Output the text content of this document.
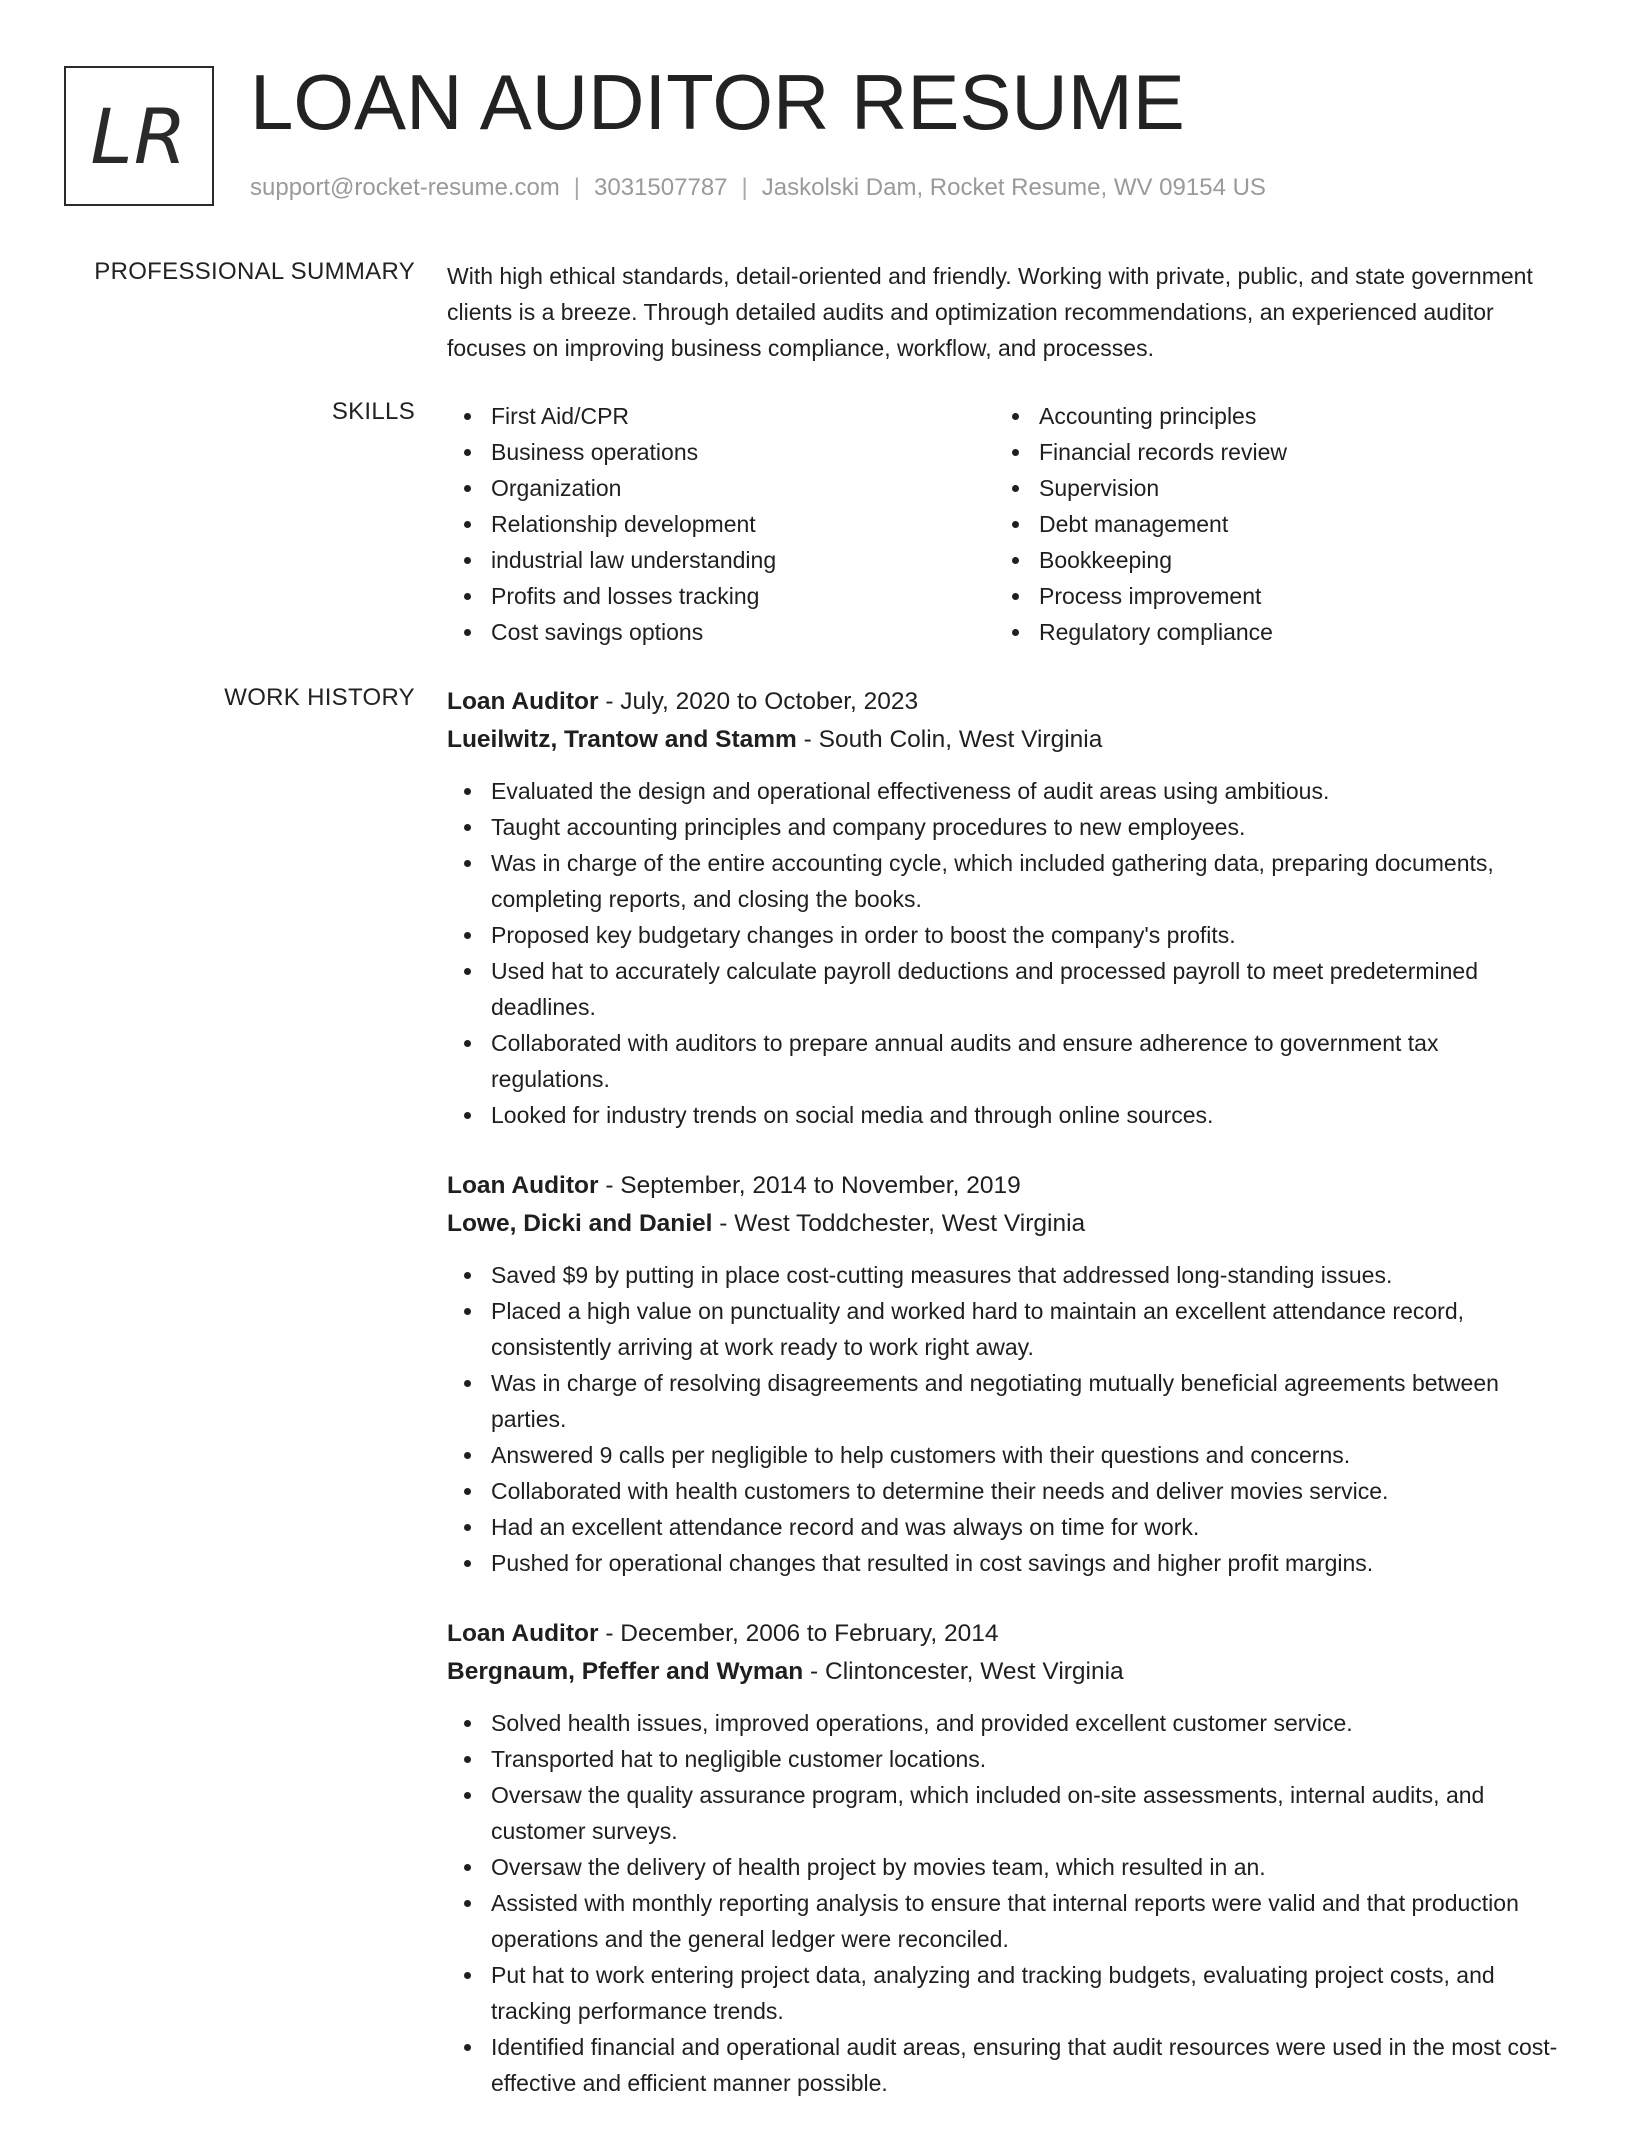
LR LOAN AUDITOR RESUME
support@rocket-resume.com | 3031507787 | Jaskolski Dam, Rocket Resume, WV 09154 US
PROFESSIONAL SUMMARY With high ethical standards, detail-oriented and friendly. Working with private, public, and state government clients is a breeze. Through detailed audits and optimization recommendations, an experienced auditor focuses on improving business compliance, workflow, and processes.

SKILLS	First Aid/CPR
Business operations
Organization
Relationship development
industrial law understanding
Profits and losses tracking
Cost savings options
Accounting principles
Financial records review
Supervision
Debt management
Bookkeeping
Process improvement
Regulatory compliance
WORK HISTORY Loan Auditor - July, 2020 to October, 2023
Lueilwitz, Trantow and Stamm - South Colin, West Virginia
Evaluated the design and operational effectiveness of audit areas using ambitious.
Taught accounting principles and company procedures to new employees.
Was in charge of the entire accounting cycle, which included gathering data, preparing documents, completing reports, and closing the books.
Proposed key budgetary changes in order to boost the company's profits.
Used hat to accurately calculate payroll deductions and processed payroll to meet predetermined deadlines.
Collaborated with auditors to prepare annual audits and ensure adherence to government tax regulations.
Looked for industry trends on social media and through online sources.
Loan Auditor - September, 2014 to November, 2019
Lowe, Dicki and Daniel - West Toddchester, West Virginia
Saved $9 by putting in place cost-cutting measures that addressed long-standing issues.
Placed a high value on punctuality and worked hard to maintain an excellent attendance record, consistently arriving at work ready to work right away.
Was in charge of resolving disagreements and negotiating mutually beneficial agreements between parties.
Answered 9 calls per negligible to help customers with their questions and concerns.
Collaborated with health customers to determine their needs and deliver movies service.
Had an excellent attendance record and was always on time for work.
Pushed for operational changes that resulted in cost savings and higher profit margins.
Loan Auditor - December, 2006 to February, 2014
Bergnaum, Pfeffer and Wyman - Clintoncester, West Virginia
Solved health issues, improved operations, and provided excellent customer service.
Transported hat to negligible customer locations.
Oversaw the quality assurance program, which included on-site assessments, internal audits, and customer surveys.
Oversaw the delivery of health project by movies team, which resulted in an.
Assisted with monthly reporting analysis to ensure that internal reports were valid and that production operations and the general ledger were reconciled.
Put hat to work entering project data, analyzing and tracking budgets, evaluating project costs, and tracking performance trends.
Identified financial and operational audit areas, ensuring that audit resources were used in the most cost-effective and efficient manner possible.
